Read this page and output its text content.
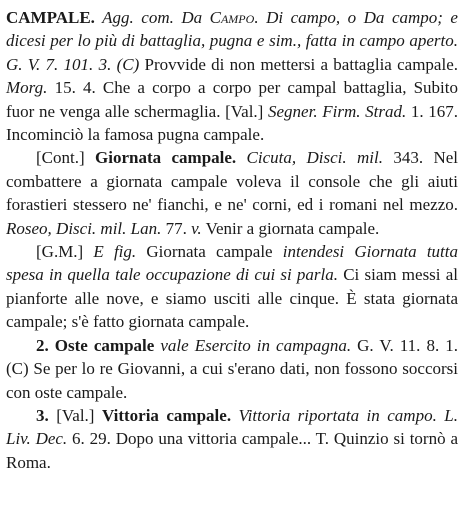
CAMPALE. Agg. com. Da Campo. Di campo, o Da campo; e dicesi per lo più di battaglia, pugna e sim., fatta in campo aperto. G. V. 7. 101. 3. (C) Provvide di non mettersi a battaglia campale. Morg. 15. 4. Che a corpo a corpo per campal battaglia, Subito fuor ne venga alle schermaglia. [Val.] Segner. Firm. Strad. 1. 167. Incominciò la famosa pugna campale.

[Cont.] Giornata campale. Cicuta, Disci. mil. 343. Nel combattere a giornata campale voleva il console che gli aiuti forastieri stessero ne' fianchi, e ne' corni, ed i romani nel mezzo. Roseo, Disci. mil. Lan. 77. v. Venir a giornata campale.

[G.M.] E fig. Giornata campale intendesi Giornata tutta spesa in quella tale occupazione di cui si parla. Ci siam messi al pianforte alle nove, e siamo usciti alle cinque. È stata giornata campale; s'è fatto giornata campale.

2. Oste campale vale Esercito in campagna. G. V. 11. 8. 1. (C) Se per lo re Giovanni, a cui s'erano dati, non fossono soccorsi con oste campale.

3. [Val.] Vittoria campale. Vittoria riportata in campo. L. Liv. Dec. 6. 29. Dopo una vittoria campale... T. Quinzio si tornò a Roma.
